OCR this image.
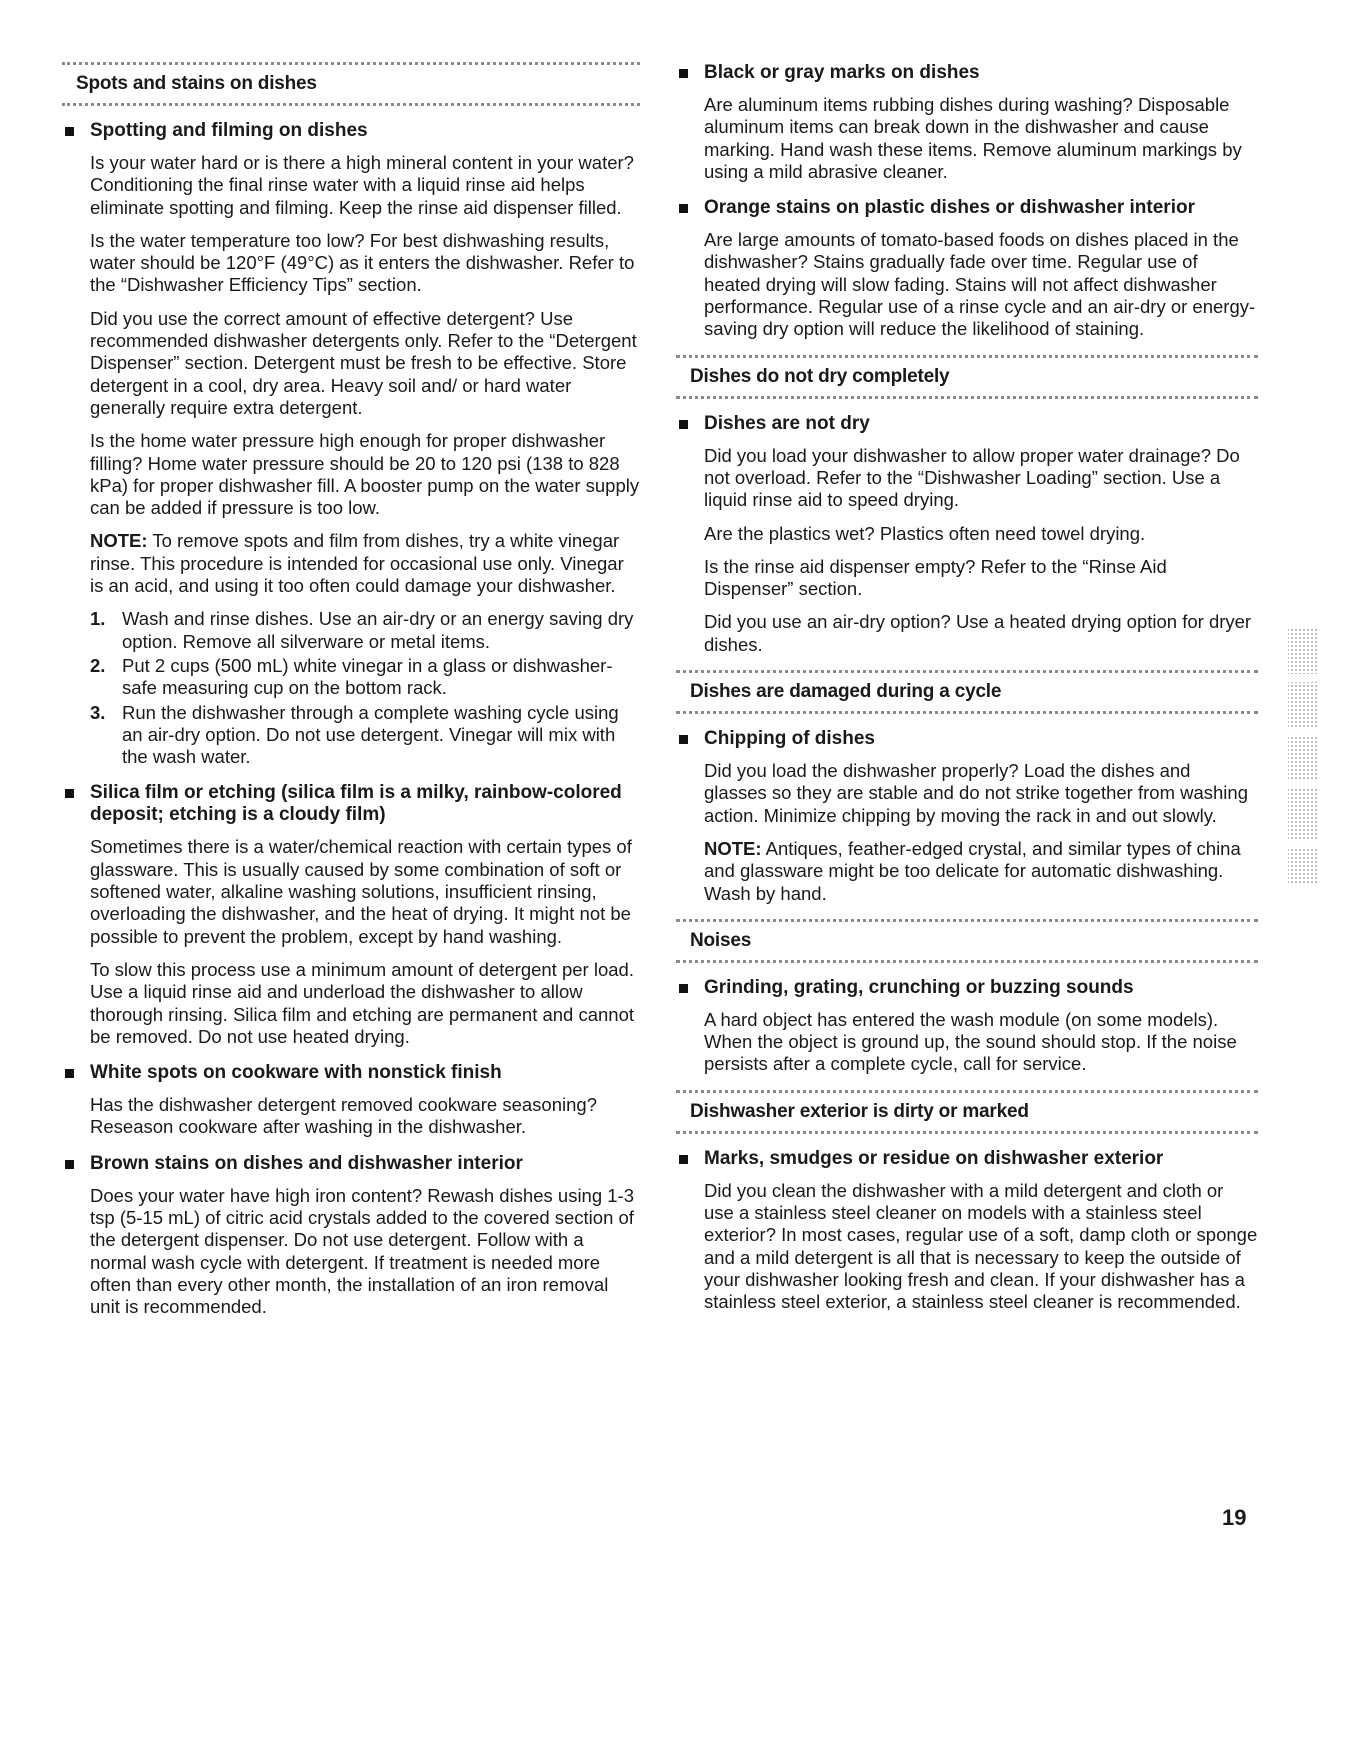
Spots and stains on dishes
Spotting and filming on dishes

Is your water hard or is there a high mineral content in your water? Conditioning the final rinse water with a liquid rinse aid helps eliminate spotting and filming. Keep the rinse aid dispenser filled.

Is the water temperature too low? For best dishwashing results, water should be 120°F (49°C) as it enters the dishwasher. Refer to the “Dishwasher Efficiency Tips” section.

Did you use the correct amount of effective detergent? Use recommended dishwasher detergents only. Refer to the “Detergent Dispenser” section. Detergent must be fresh to be effective. Store detergent in a cool, dry area. Heavy soil and/ or hard water generally require extra detergent.

Is the home water pressure high enough for proper dishwasher filling? Home water pressure should be 20 to 120 psi (138 to 828 kPa) for proper dishwasher fill. A booster pump on the water supply can be added if pressure is too low.

NOTE: To remove spots and film from dishes, try a white vinegar rinse. This procedure is intended for occasional use only. Vinegar is an acid, and using it too often could damage your dishwasher.

1. Wash and rinse dishes. Use an air-dry or an energy saving dry option. Remove all silverware or metal items.
2. Put 2 cups (500 mL) white vinegar in a glass or dishwasher-safe measuring cup on the bottom rack.
3. Run the dishwasher through a complete washing cycle using an air-dry option. Do not use detergent. Vinegar will mix with the wash water.
Silica film or etching (silica film is a milky, rainbow-colored deposit; etching is a cloudy film)

Sometimes there is a water/chemical reaction with certain types of glassware. This is usually caused by some combination of soft or softened water, alkaline washing solutions, insufficient rinsing, overloading the dishwasher, and the heat of drying. It might not be possible to prevent the problem, except by hand washing.

To slow this process use a minimum amount of detergent per load. Use a liquid rinse aid and underload the dishwasher to allow thorough rinsing. Silica film and etching are permanent and cannot be removed. Do not use heated drying.

White spots on cookware with nonstick finish

Has the dishwasher detergent removed cookware seasoning? Reseason cookware after washing in the dishwasher.

Brown stains on dishes and dishwasher interior

Does your water have high iron content? Rewash dishes using 1-3 tsp (5-15 mL) of citric acid crystals added to the covered section of the detergent dispenser. Do not use detergent. Follow with a normal wash cycle with detergent. If treatment is needed more often than every other month, the installation of an iron removal unit is recommended.

Black or gray marks on dishes

Are aluminum items rubbing dishes during washing? Disposable aluminum items can break down in the dishwasher and cause marking. Hand wash these items. Remove aluminum markings by using a mild abrasive cleaner.

Orange stains on plastic dishes or dishwasher interior

Are large amounts of tomato-based foods on dishes placed in the dishwasher? Stains gradually fade over time. Regular use of heated drying will slow fading. Stains will not affect dishwasher performance. Regular use of a rinse cycle and an air-dry or energy-saving dry option will reduce the likelihood of staining.

Dishes do not dry completely
Dishes are not dry

Did you load your dishwasher to allow proper water drainage? Do not overload. Refer to the “Dishwasher Loading” section. Use a liquid rinse aid to speed drying.

Are the plastics wet? Plastics often need towel drying.

Is the rinse aid dispenser empty? Refer to the “Rinse Aid Dispenser” section.

Did you use an air-dry option? Use a heated drying option for dryer dishes.

Dishes are damaged during a cycle
Chipping of dishes

Did you load the dishwasher properly? Load the dishes and glasses so they are stable and do not strike together from washing action. Minimize chipping by moving the rack in and out slowly.

NOTE: Antiques, feather-edged crystal, and similar types of china and glassware might be too delicate for automatic dishwashing. Wash by hand.

Noises
Grinding, grating, crunching or buzzing sounds

A hard object has entered the wash module (on some models). When the object is ground up, the sound should stop. If the noise persists after a complete cycle, call for service.

Dishwasher exterior is dirty or marked
Marks, smudges or residue on dishwasher exterior

Did you clean the dishwasher with a mild detergent and cloth or use a stainless steel cleaner on models with a stainless steel exterior? In most cases, regular use of a soft, damp cloth or sponge and a mild detergent is all that is necessary to keep the outside of your dishwasher looking fresh and clean. If your dishwasher has a stainless steel exterior, a stainless steel cleaner is recommended.

19
